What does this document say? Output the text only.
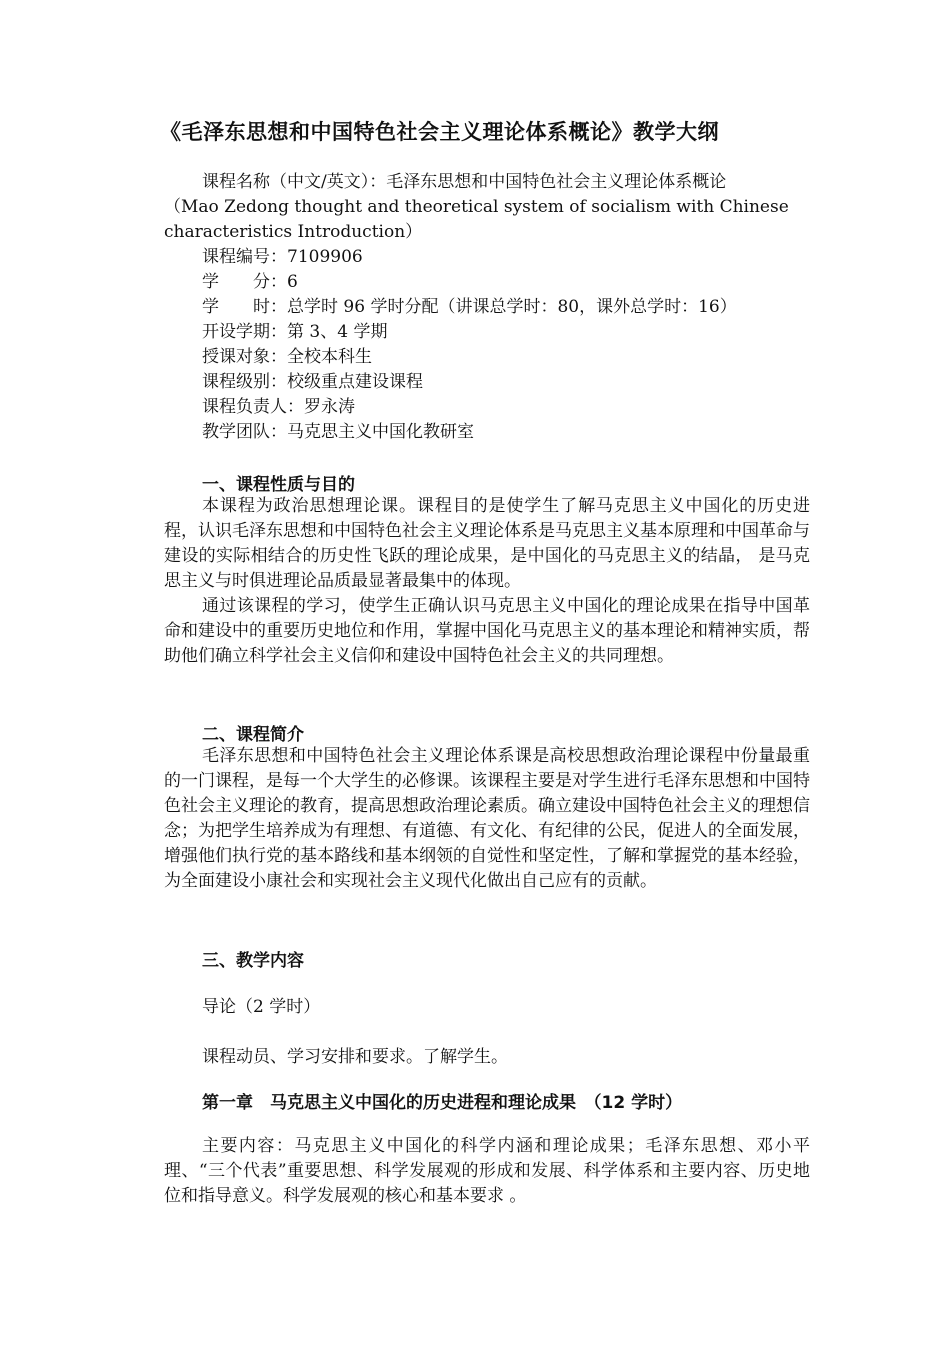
《毛泽东思想和中国特色社会主义理论体系概论》教学大纲
课程名称（中文/英文）：毛泽东思想和中国特色社会主义理论体系概论
（Mao Zedong thought and theoretical system of socialism with Chinese
characteristics Introduction）
课程编号：7109906
学　　分：6
学　　时：总学时 96 学时分配（讲课总学时：80，课外总学时：16）
开设学期：第 3、4 学期
授课对象：全校本科生
课程级别：校级重点建设课程
课程负责人：罗永涛
教学团队：马克思主义中国化教研室
一、课程性质与目的

本课程为政治思想理论课。课程目的是使学生了解马克思主义中国化的历史进程，认识毛泽东思想和中国特色社会主义理论体系是马克思主义基本原理和中国革命与建设的实际相结合的历史性飞跃的理论成果，是中国化的马克思主义的结晶， 是马克思主义与时俱进理论品质最显著最集中的体现。

通过该课程的学习，使学生正确认识马克思主义中国化的理论成果在指导中国革命和建设中的重要历史地位和作用，掌握中国化马克思主义的基本理论和精神实质，帮助他们确立科学社会主义信仰和建设中国特色社会主义的共同理想。

二、课程简介

毛泽东思想和中国特色社会主义理论体系课是高校思想政治理论课程中份量最重的一门课程，是每一个大学生的必修课。该课程主要是对学生进行毛泽东思想和中国特色社会主义理论的教育，提高思想政治理论素质。确立建设中国特色社会主义的理想信念；为把学生培养成为有理想、有道德、有文化、有纪律的公民，促进人的全面发展，增强他们执行党的基本路线和基本纲领的自觉性和坚定性，了解和掌握党的基本经验，为全面建设小康社会和实现社会主义现代化做出自己应有的贡献。

三、教学内容
导论（2 学时）
课程动员、学习安排和要求。了解学生。
第一章　马克思主义中国化的历史进程和理论成果　（12 学时）

主要内容：马克思主义中国化的科学内涵和理论成果；毛泽东思想、邓小平理、“三个代表”重要思想、科学发展观的形成和发展、科学体系和主要内容、历史地位和指导意义。科学发展观的核心和基本要求 。
